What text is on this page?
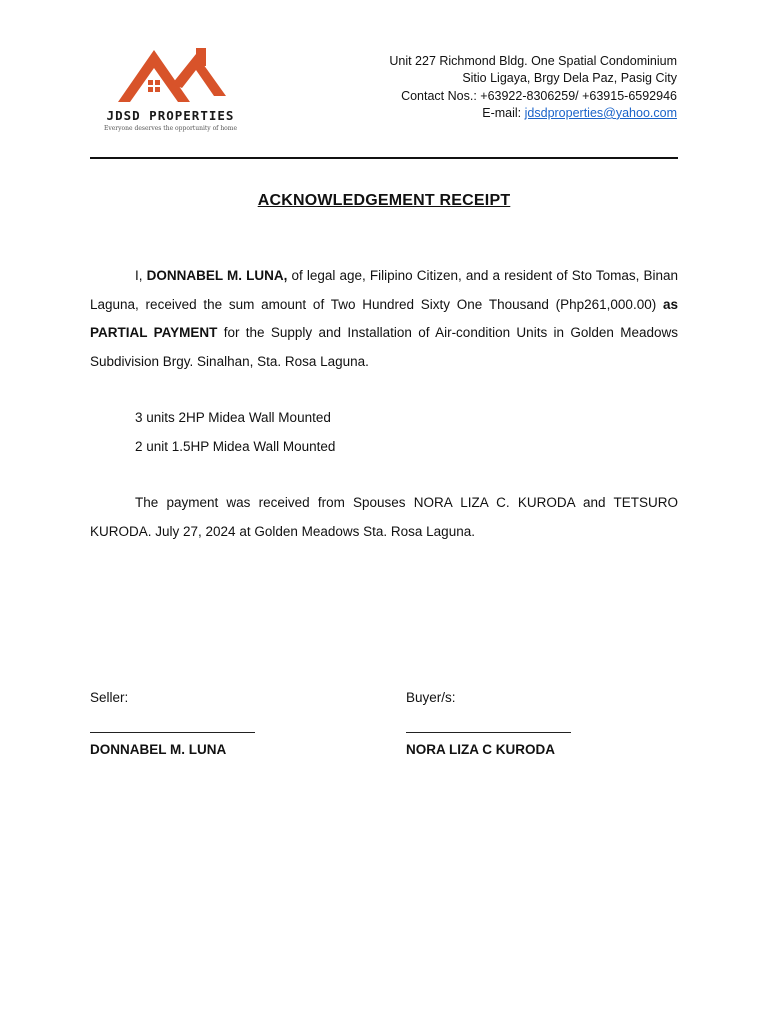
JDSD PROPERTIES
Everyone deserves the opportunity of home
Unit 227 Richmond Bldg. One Spatial Condominium
Sitio Ligaya, Brgy Dela Paz, Pasig City
Contact Nos.: +63922-8306259/ +63915-6592946
E-mail: jdsdproperties@yahoo.com
ACKNOWLEDGEMENT RECEIPT

I, DONNABEL M. LUNA, of legal age, Filipino Citizen, and a resident of Sto Tomas, Binan Laguna, received the sum amount of Two Hundred Sixty One Thousand (Php261,000.00) as PARTIAL PAYMENT for the Supply and Installation of Air-condition Units in Golden Meadows Subdivision Brgy. Sinalhan, Sta. Rosa Laguna.

3 units 2HP Midea Wall Mounted
2 unit 1.5HP Midea Wall Mounted

The payment was received from Spouses NORA LIZA C. KURODA and TETSURO KURODA. July 27, 2024 at Golden Meadows Sta. Rosa Laguna.

Seller:
DONNABEL M. LUNA
Buyer/s:
NORA LIZA C KURODA
